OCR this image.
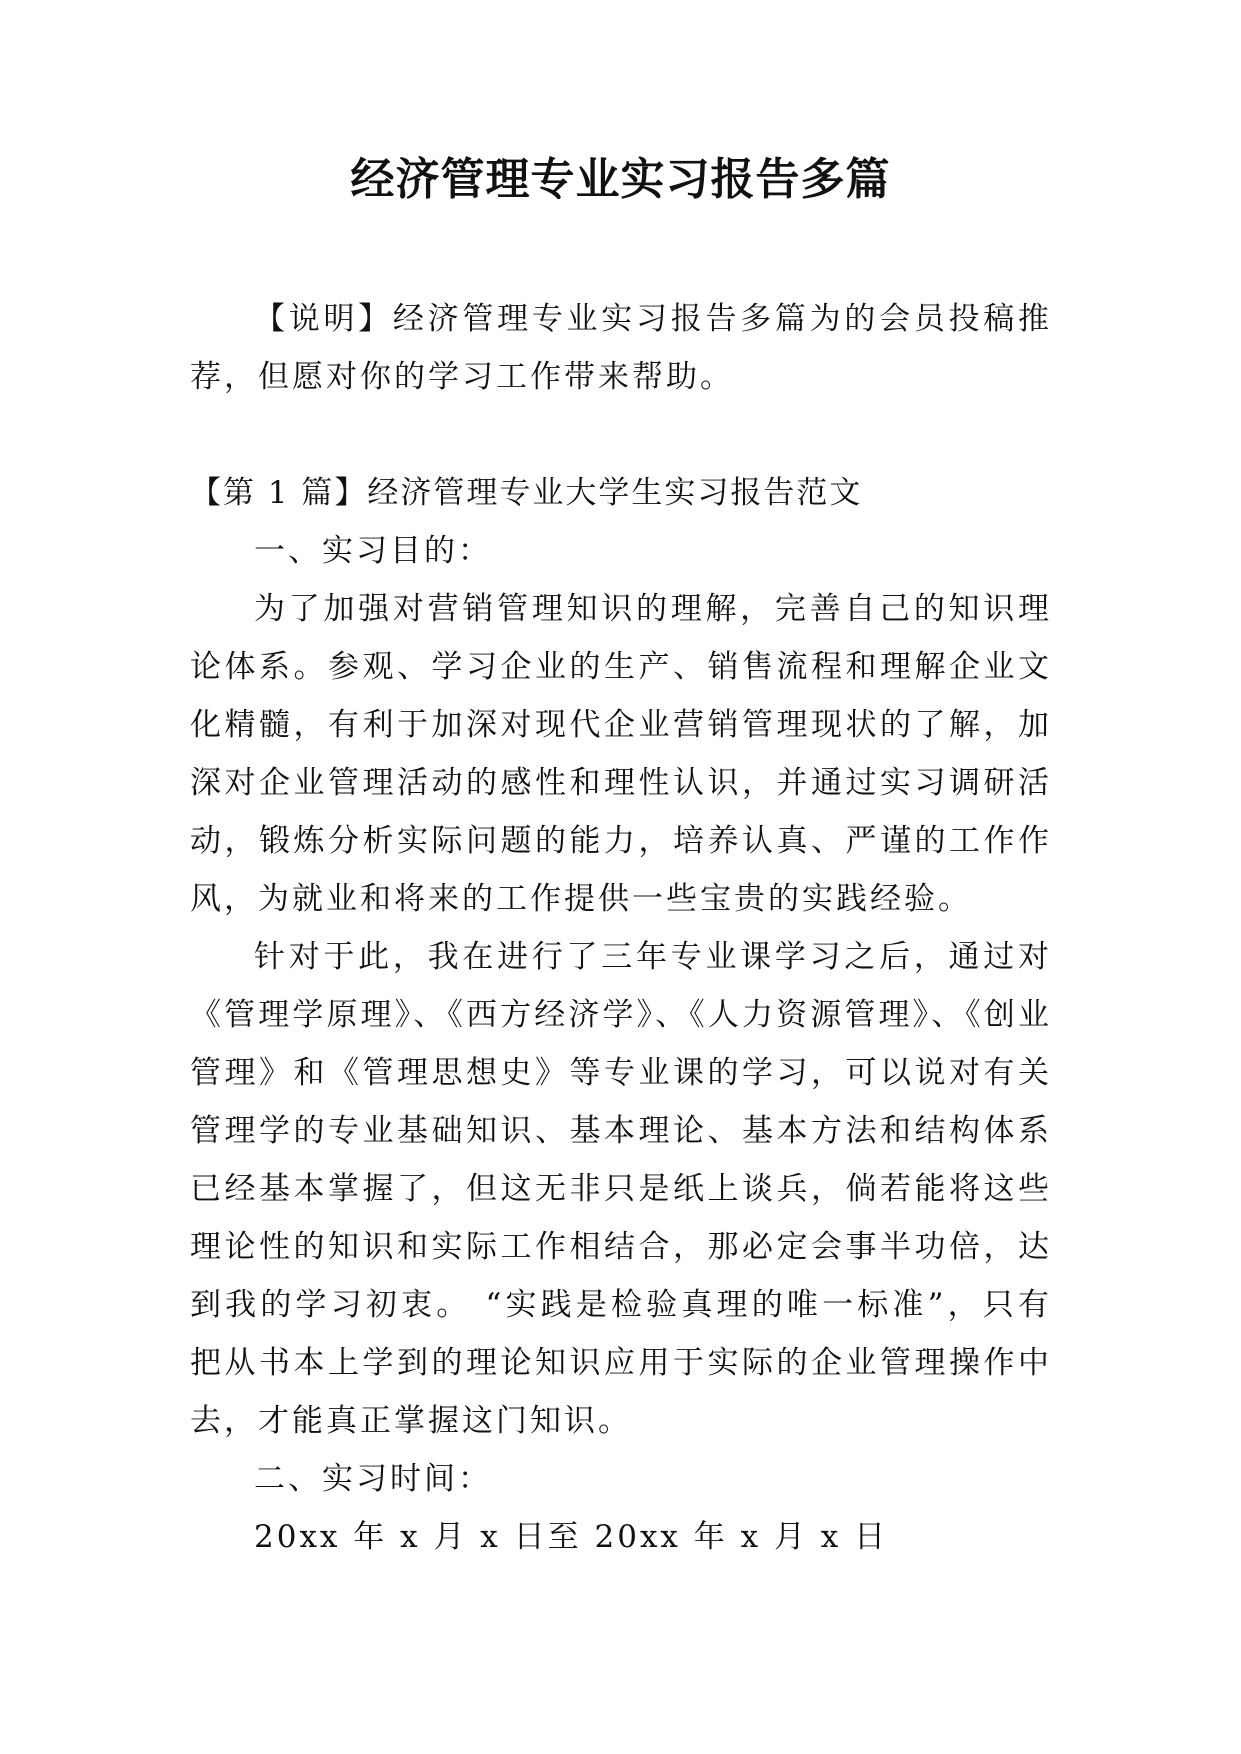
经济管理专业实习报告多篇

【说明】经济管理专业实习报告多篇为的会员投稿推荐，但愿对你的学习工作带来帮助。

【第 1 篇】经济管理专业大学生实习报告范文

一、实习目的：

为了加强对营销管理知识的理解，完善自己的知识理论体系。参观、学习企业的生产、销售流程和理解企业文化精髓，有利于加深对现代企业营销管理现状的了解，加深对企业管理活动的感性和理性认识，并通过实习调研活动，锻炼分析实际问题的能力，培养认真、严谨的工作作风，为就业和将来的工作提供一些宝贵的实践经验。

针对于此，我在进行了三年专业课学习之后，通过对《管理学原理》、《西方经济学》、《人力资源管理》、《创业管理》和《管理思想史》等专业课的学习，可以说对有关管理学的专业基础知识、基本理论、基本方法和结构体系已经基本掌握了，但这无非只是纸上谈兵，倘若能将这些理论性的知识和实际工作相结合，那必定会事半功倍，达到我的学习初衷。 “实践是检验真理的唯一标准”，只有把从书本上学到的理论知识应用于实际的企业管理操作中去，才能真正掌握这门知识。

二、实习时间：

20xx 年 x 月 x 日至 20xx 年 x 月 x 日
